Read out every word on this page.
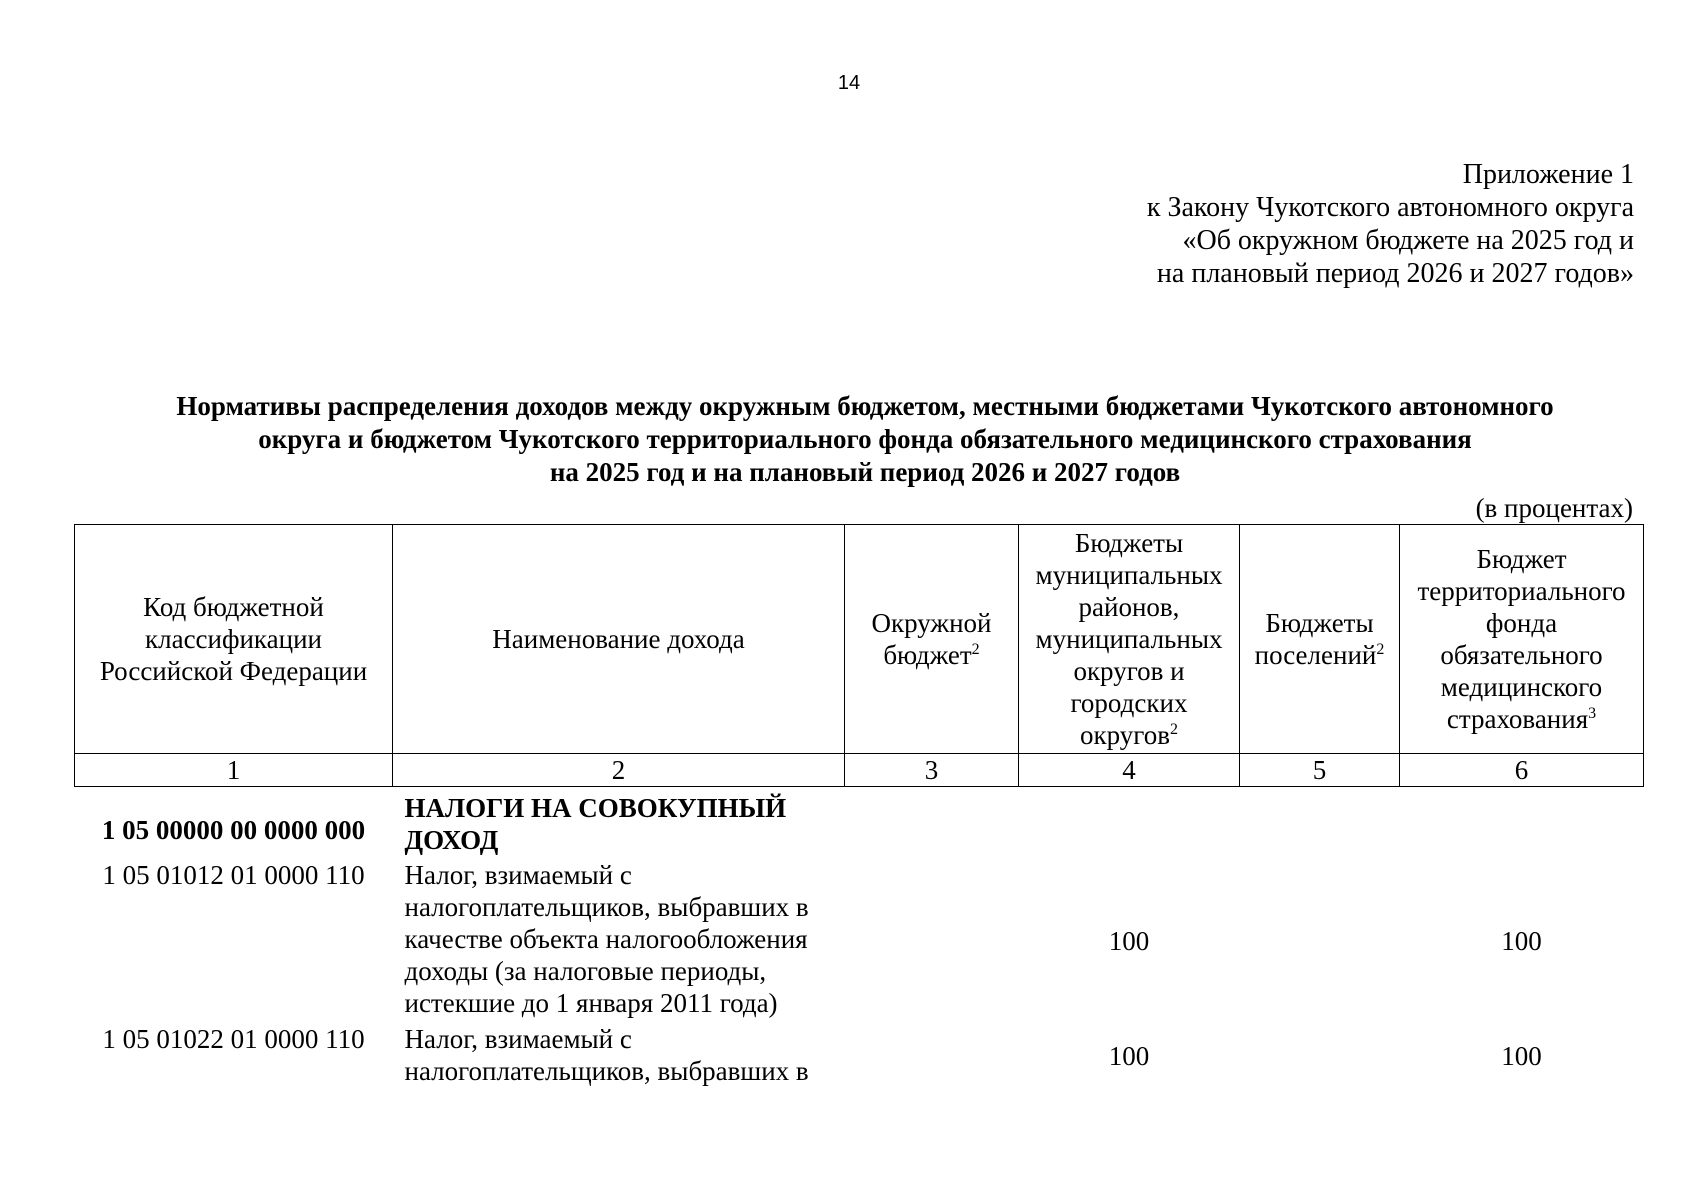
14
Приложение 1
к Закону Чукотского автономного округа
«Об окружном бюджете на 2025 год и
на плановый период 2026 и 2027 годов»
Нормативы распределения доходов между окружным бюджетом, местными бюджетами Чукотского автономного
округа и бюджетом Чукотского территориального фонда обязательного медицинского страхования
на 2025 год и на плановый период 2026 и 2027 годов
(в процентах)
Код бюджетной классификации Российской Федерации	Наименование дохода	Окружной бюджет$^2$	Бюджеты муниципальных районов, муниципальных округов и городских округов$^2$	Бюджеты поселений$^2$	Бюджет территориального фонда обязательного медицинского страхования$^3$
1	2	3	4	5	6
1 05 00000 00 0000 000	НАЛОГИ НА СОВОКУПНЫЙ ДОХОД				
1 05 01012 01 0000 110	Налог, взимаемый с налогоплательщиков, выбравших в качестве объекта налогообложения доходы (за налоговые периоды, истекшие до 1 января 2011 года)		100		100
1 05 01022 01 0000 110	Налог, взимаемый с налогоплательщиков, выбравших в		100		100
